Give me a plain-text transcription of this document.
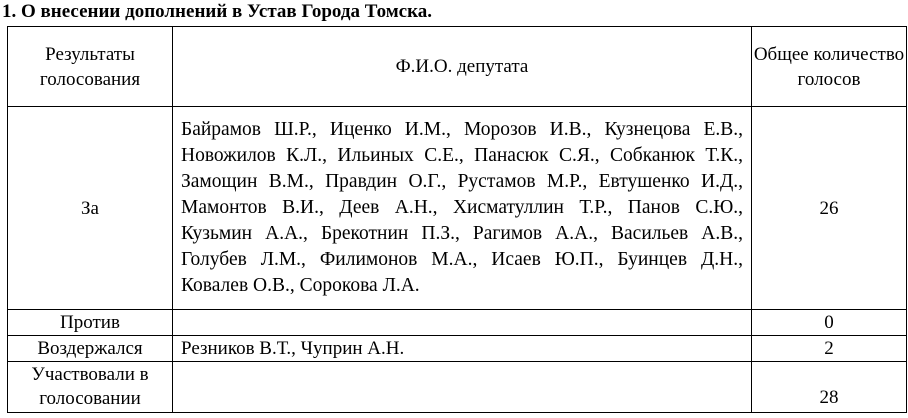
1. О внесении дополнений в Устав Города Томска.
Результаты голосования	Ф.И.О. депутата	Общее количество голосов
За	Байрамов Ш.Р., Иценко И.М., Морозов И.В., Кузнецова Е.В., Новожилов К.Л., Ильиных С.Е., Панасюк С.Я., Собканюк Т.К., Замощин В.М., Правдин О.Г., Рустамов М.Р., Евтушенко И.Д., Мамонтов В.И., Деев А.Н., Хисматуллин Т.Р., Панов С.Ю., Кузьмин А.А., Брекотнин П.З., Рагимов А.А., Васильев А.В., Голубев Л.М., Филимонов М.А., Исаев Ю.П., Буинцев Д.Н., Ковалев О.В., Сорокова Л.А.	26
Против		0
Воздержался	Резников В.Т., Чуприн А.Н.	2
Участвовали в голосовании		28
